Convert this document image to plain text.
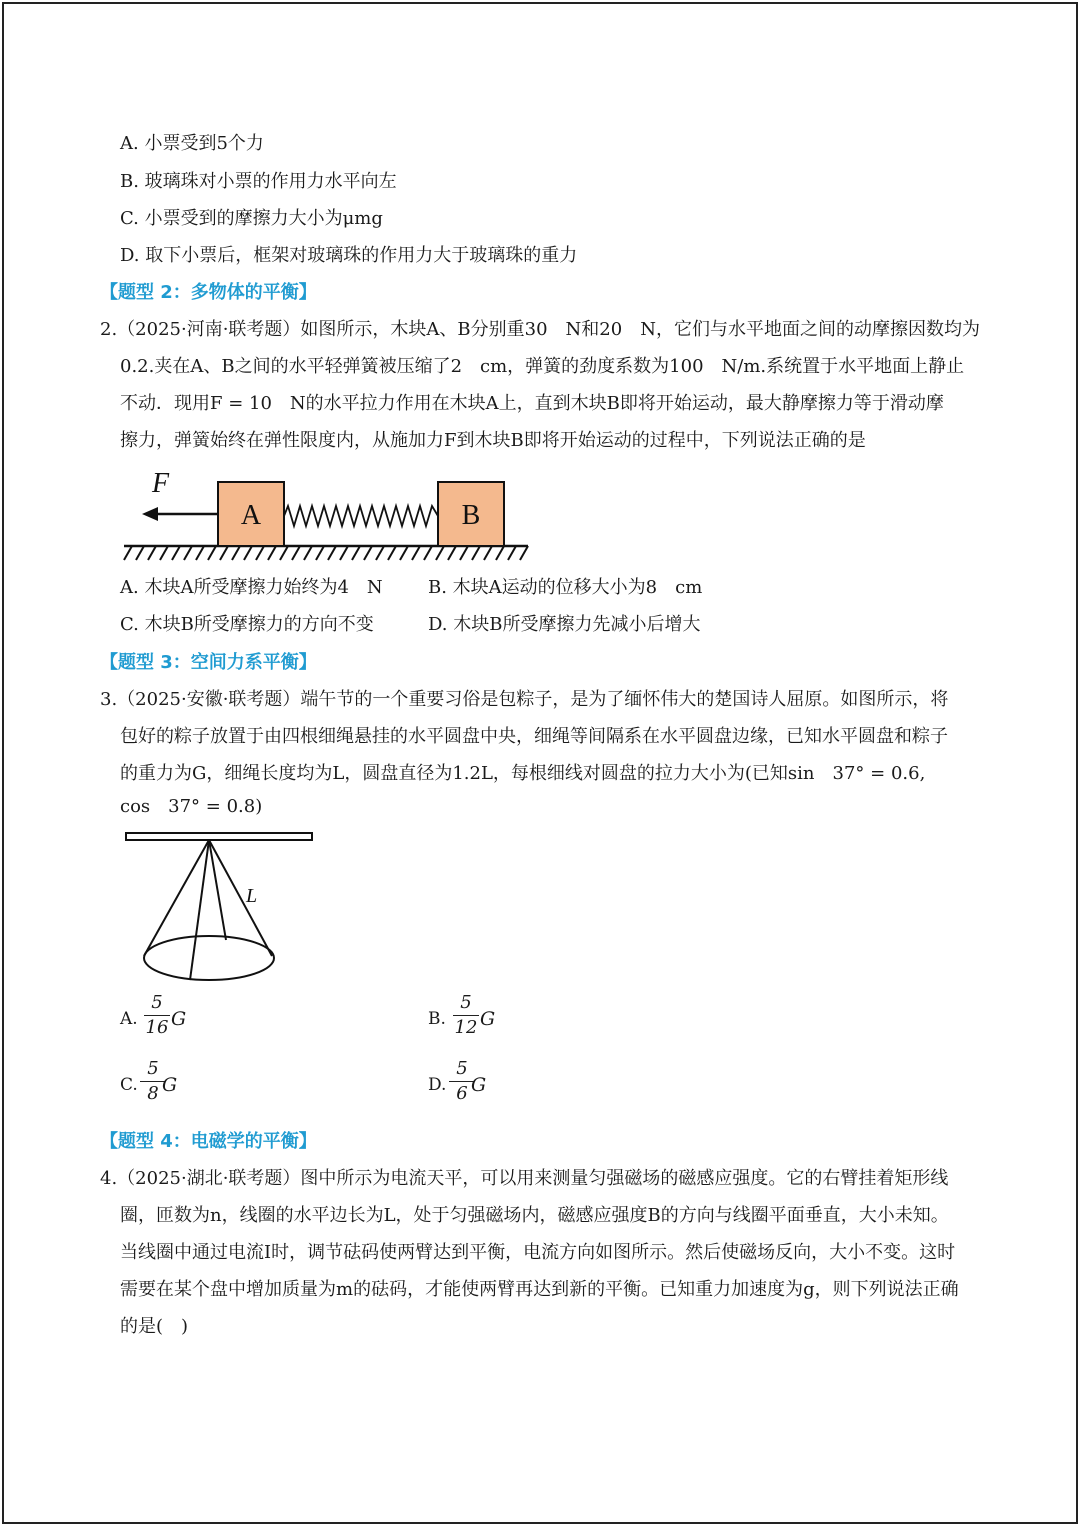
A. 小票受到5个力
B. 玻璃珠对小票的作用力水平向左
C. 小票受到的摩擦力大小为μmg
D. 取下小票后，框架对玻璃珠的作用力大于玻璃珠的重力
【题型 2：多物体的平衡】
2.（2025·河南·联考题）如图所示，木块A、B分别重30　N和20　N，它们与水平地面之间的动摩擦因数均为
0.2.夹在A、B之间的水平轻弹簧被压缩了2　cm，弹簧的劲度系数为100　N/m.系统置于水平地面上静止
不动．现用F = 10　N的水平拉力作用在木块A上，直到木块B即将开始运动，最大静摩擦力等于滑动摩
擦力，弹簧始终在弹性限度内，从施加力F到木块B即将开始运动的过程中，下列说法正确的是
F
A	B
A. 木块A所受摩擦力始终为4　N	B. 木块A运动的位移大小为8　cm
C. 木块B所受摩擦力的方向不变	D. 木块B所受摩擦力先减小后增大
【题型 3：空间力系平衡】
3.（2025·安徽·联考题）端午节的一个重要习俗是包粽子，是为了缅怀伟大的楚国诗人屈原。如图所示，将
包好的粽子放置于由四根细绳悬挂的水平圆盘中央，细绳等间隔系在水平圆盘边缘，已知水平圆盘和粽子
的重力为G，细绳长度均为L，圆盘直径为1.2L，每根细线对圆盘的拉力大小为(已知sin　37° = 0.6,
cos　37° = 0.8)
L
A.
5
16 G	B.
5
12 G
C.
5
8 G	D.
5
6 G
【题型 4：电磁学的平衡】
4.（2025·湖北·联考题）图中所示为电流天平，可以用来测量匀强磁场的磁感应强度。它的右臂挂着矩形线
圈，匝数为n，线圈的水平边长为L，处于匀强磁场内，磁感应强度B的方向与线圈平面垂直，大小未知。
当线圈中通过电流I时，调节砝码使两臂达到平衡，电流方向如图所示。然后使磁场反向，大小不变。这时
需要在某个盘中增加质量为m的砝码，才能使两臂再达到新的平衡。已知重力加速度为g，则下列说法正确
的是(　)
